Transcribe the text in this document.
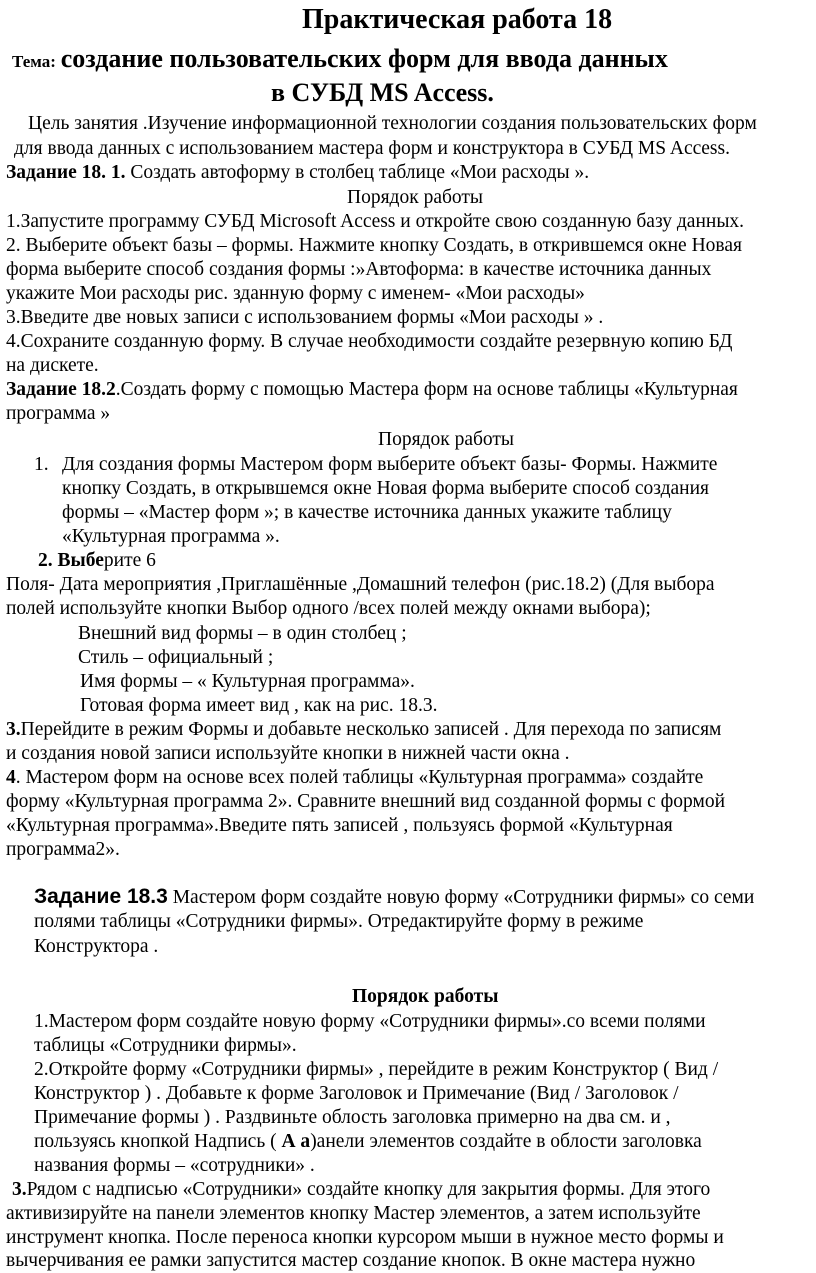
Практическая работа 18
Тема: создание пользовательских форм для ввода данных
в СУБД MS Access.
Цель занятия .Изучение информационной технологии создания пользовательских форм
для ввода данных с использованием мастера форм и конструктора в СУБД MS Access.
Задание 18. 1. Создать автоформу в столбец таблице «Мои расходы ».
Порядок работы
1.Запустите программу СУБД Microsoft Access и откройте свою созданную базу данных.
2. Выберите объект базы – формы. Нажмите кнопку Создать, в открившемся окне Новая
форма выберите способ создания формы :»Автоформа: в качестве источника данных
укажите Мои расходы рис. зданную форму с именем- «Мои расходы»
3.Введите две новых записи с использованием формы «Мои расходы » .
4.Сохраните созданную форму. В случае необходимости создайте резервную копию БД
на дискете.
Задание 18.2.Создать форму с помощью Мастера форм на основе таблицы «Культурная
программа »
Порядок работы
1. Для создания формы Мастером форм выберите объект базы- Формы. Нажмите
кнопку Создать, в открывшемся окне Новая форма выберите способ создания
формы – «Мастер форм »; в качестве источника данных укажите таблицу
«Культурная программа ».
2. Выберите 6
Поля- Дата мероприятия ,Приглашённые ,Домашний телефон (рис.18.2) (Для выбора
полей используйте кнопки Выбор одного /всех полей между окнами выбора);
Внешний вид формы – в один столбец ;
Стиль – официальный ;
Имя формы – « Культурная программа».
Готовая форма имеет вид , как на рис. 18.3.
3.Перейдите в режим Формы и добавьте несколько записей . Для перехода по записям
и создания новой записи используйте кнопки в нижней части окна .
4. Мастером форм на основе всех полей таблицы «Культурная программа» создайте
форму «Культурная программа 2». Сравните внешний вид созданной формы с формой
«Культурная программа».Введите пять записей , пользуясь формой «Культурная
программа2».
Задание 18.3 Мастером форм создайте новую форму «Сотрудники фирмы» со семи
полями таблицы «Сотрудники фирмы». Отредактируйте форму в режиме
Конструктора .
Порядок работы
1.Мастером форм создайте новую форму «Сотрудники фирмы».со всеми полями
таблицы «Сотрудники фирмы».
2.Откройте форму «Сотрудники фирмы» , перейдите в режим Конструктор ( Вид /
Конструктор ) . Добавьте к форме Заголовок и Примечание (Вид / Заголовок /
Примечание формы ) . Раздвиньте облость заголовка примерно на два см. и ,
пользуясь кнопкой Надпись ( А а)анели элементов создайте в облости заголовка
названия формы – «сотрудники» .
3.Рядом с надписью «Сотрудники» создайте кнопку для закрытия формы. Для этого
активизируйте на панели элементов кнопку Мастер элементов, а затем используйте
инструмент кнопка. После переноса кнопки курсором мыши в нужное место формы и
вычерчивания ее рамки запустится мастер создание кнопок. В окне мастера нужно
